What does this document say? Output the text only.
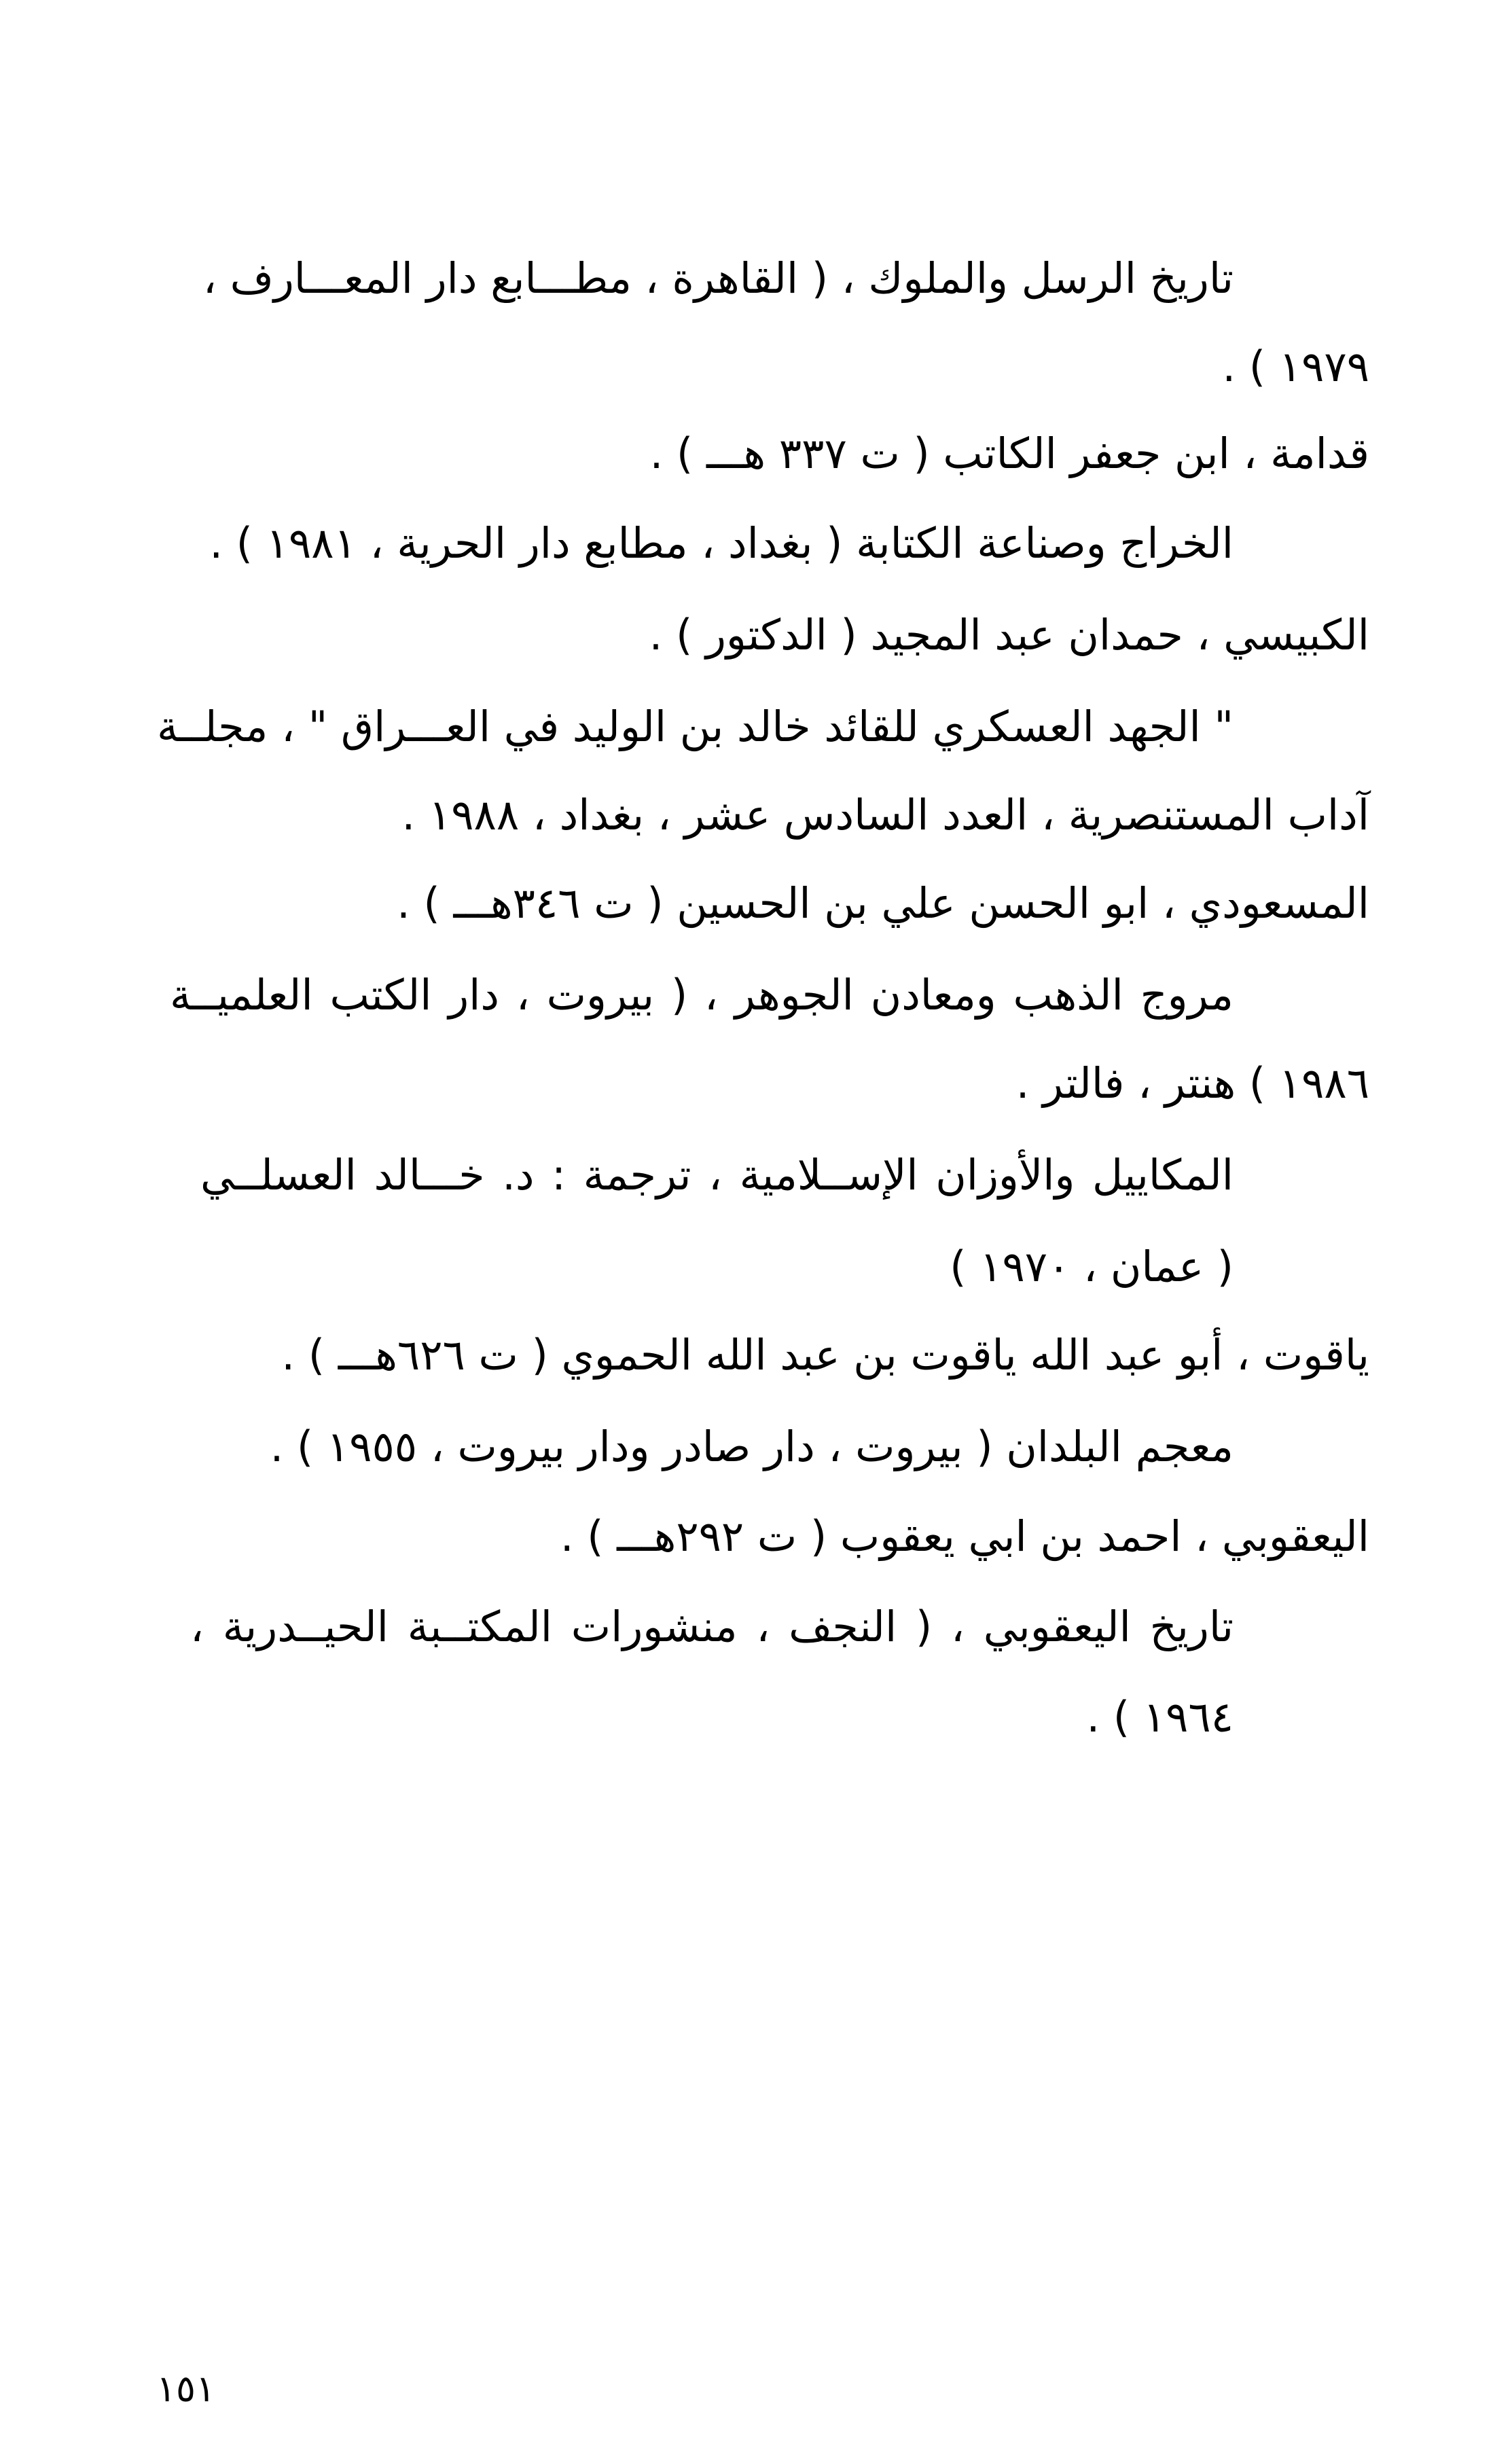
تاريخ الرسل والملوك ، ( القاهرة ، مطـــابع دار المعـــارف ،
١٩٧٩ ) .
قدامة ، ابن جعفر الكاتب ( ت ٣٣٧ هـــ ) .
الخراج وصناعة الكتابة ( بغداد ، مطابع دار الحرية ، ١٩٨١ ) .
الكبيسي ، حمدان عبد المجيد ( الدكتور ) .
" الجهد العسكري للقائد خالد بن الوليد في العـــراق " ، مجلــة
آداب المستنصرية ، العدد السادس عشر ، بغداد ، ١٩٨٨ .
المسعودي ، ابو الحسن علي بن الحسين ( ت ٣٤٦هـــ ) .
مروج الذهب ومعادن الجوهر ، ( بيروت ، دار الكتب العلميــة
١٩٨٦ ) هنتر ، فالتر .
المكاييل والأوزان الإســلامية ، ترجمة : د. خـــالد العسلــي
( عمان ، ١٩٧٠ )
ياقوت ، أبو عبد الله ياقوت بن عبد الله الحموي ( ت ٦٢٦هـــ ) .
معجم البلدان ( بيروت ، دار صادر ودار بيروت ، ١٩٥٥ ) .
اليعقوبي ، احمد بن ابي يعقوب ( ت ٢٩٢هـــ ) .
تاريخ اليعقوبي ، ( النجف ، منشورات المكتــبة الحيــدرية ،
١٩٦٤ ) .
١٥١
